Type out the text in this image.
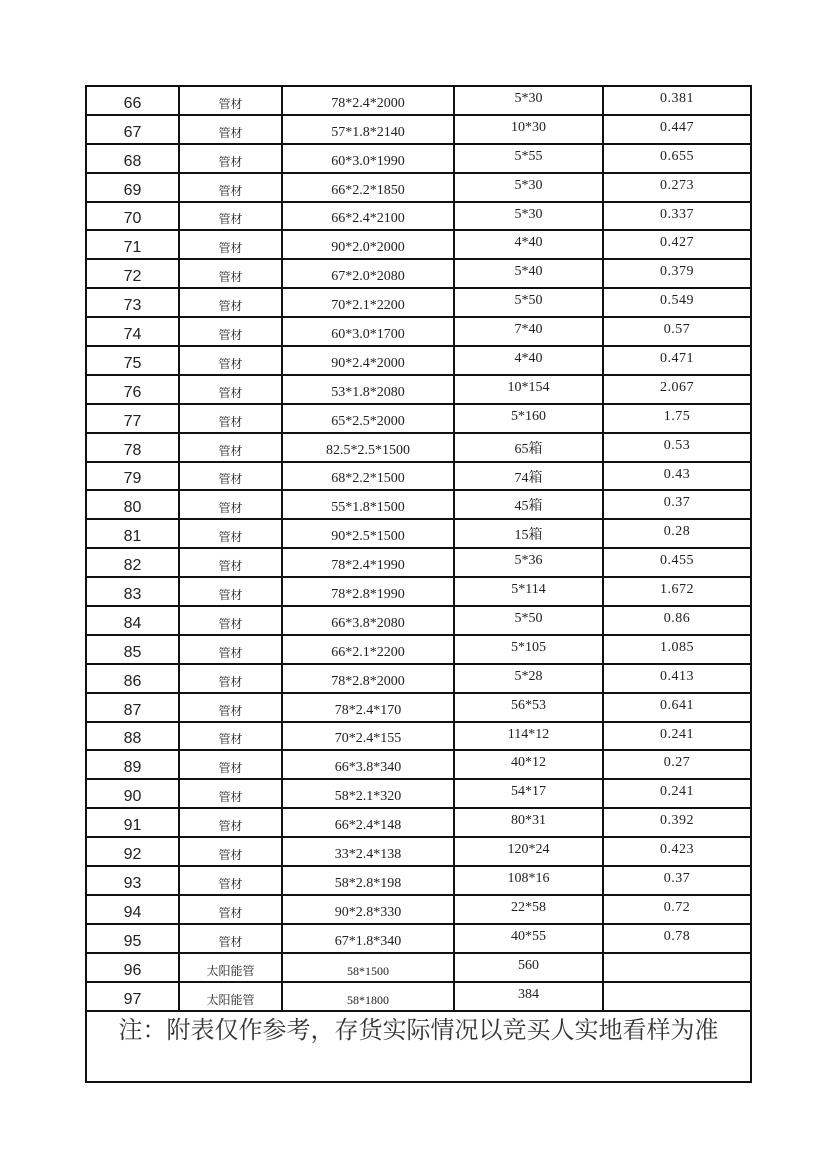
66	管材	78*2.4*2000	5*30	0.381
67	管材	57*1.8*2140	10*30	0.447
68	管材	60*3.0*1990	5*55	0.655
69	管材	66*2.2*1850	5*30	0.273
70	管材	66*2.4*2100	5*30	0.337
71	管材	90*2.0*2000	4*40	0.427
72	管材	67*2.0*2080	5*40	0.379
73	管材	70*2.1*2200	5*50	0.549
74	管材	60*3.0*1700	7*40	0.57
75	管材	90*2.4*2000	4*40	0.471
76	管材	53*1.8*2080	10*154	2.067
77	管材	65*2.5*2000	5*160	1.75
78	管材	82.5*2.5*1500	65箱	0.53
79	管材	68*2.2*1500	74箱	0.43
80	管材	55*1.8*1500	45箱	0.37
81	管材	90*2.5*1500	15箱	0.28
82	管材	78*2.4*1990	5*36	0.455
83	管材	78*2.8*1990	5*114	1.672
84	管材	66*3.8*2080	5*50	0.86
85	管材	66*2.1*2200	5*105	1.085
86	管材	78*2.8*2000	5*28	0.413
87	管材	78*2.4*170	56*53	0.641
88	管材	70*2.4*155	114*12	0.241
89	管材	66*3.8*340	40*12	0.27
90	管材	58*2.1*320	54*17	0.241
91	管材	66*2.4*148	80*31	0.392
92	管材	33*2.4*138	120*24	0.423
93	管材	58*2.8*198	108*16	0.37
94	管材	90*2.8*330	22*58	0.72
95	管材	67*1.8*340	40*55	0.78
96	太阳能管	58*1500	560	
97	太阳能管	58*1800	384	
注：附表仅作参考，存货实际情况以竞买人实地看样为准				
